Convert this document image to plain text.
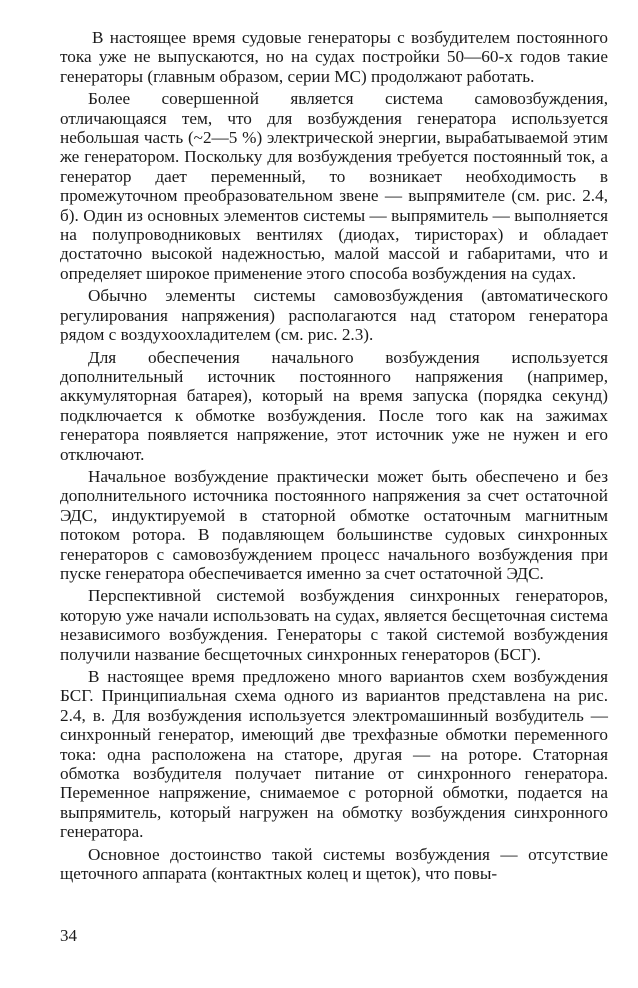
В настоящее время судовые генераторы с возбудителем постоянного тока уже не выпускаются, но на судах постройки 50—60-х годов такие генераторы (главным образом, серии МС) продолжают работать.

Более совершенной является система самовозбуждения, отличающаяся тем, что для возбуждения генератора используется небольшая часть (~2—5 %) электрической энергии, вырабатываемой этим же генератором. Поскольку для возбуждения требуется постоянный ток, а генератор дает переменный, то возникает необходимость в промежуточном преобразовательном звене — выпрямителе (см. рис. 2.4, б). Один из основных элементов системы — выпрямитель — выполняется на полупроводниковых вентилях (диодах, тиристорах) и обладает достаточно высокой надежностью, малой массой и габаритами, что и определяет широкое применение этого способа возбуждения на судах.

Обычно элементы системы самовозбуждения (автоматического регулирования напряжения) располагаются над статором генератора рядом с воздухоохладителем (см. рис. 2.3).

Для обеспечения начального возбуждения используется дополнительный источник постоянного напряжения (например, аккумуляторная батарея), который на время запуска (порядка секунд) подключается к обмотке возбуждения. После того как на зажимах генератора появляется напряжение, этот источник уже не нужен и его отключают.

Начальное возбуждение практически может быть обеспечено и без дополнительного источника постоянного напряжения за счет остаточной ЭДС, индуктируемой в статорной обмотке остаточным магнитным потоком ротора. В подавляющем большинстве судовых синхронных генераторов с самовозбуждением процесс начального возбуждения при пуске генератора обеспечивается именно за счет остаточной ЭДС.

Перспективной системой возбуждения синхронных генераторов, которую уже начали использовать на судах, является бесщеточная система независимого возбуждения. Генераторы с такой системой возбуждения получили название бесщеточных синхронных генераторов (БСГ).

В настоящее время предложено много вариантов схем возбуждения БСГ. Принципиальная схема одного из вариантов представлена на рис. 2.4, в. Для возбуждения используется электромашинный возбудитель — синхронный генератор, имеющий две трехфазные обмотки переменного тока: одна расположена на статоре, другая — на роторе. Статорная обмотка возбудителя получает питание от синхронного генератора. Переменное напряжение, снимаемое с роторной обмотки, подается на выпрямитель, который нагружен на обмотку возбуждения синхронного генератора.

Основное достоинство такой системы возбуждения — отсутствие щеточного аппарата (контактных колец и щеток), что повы-

34
